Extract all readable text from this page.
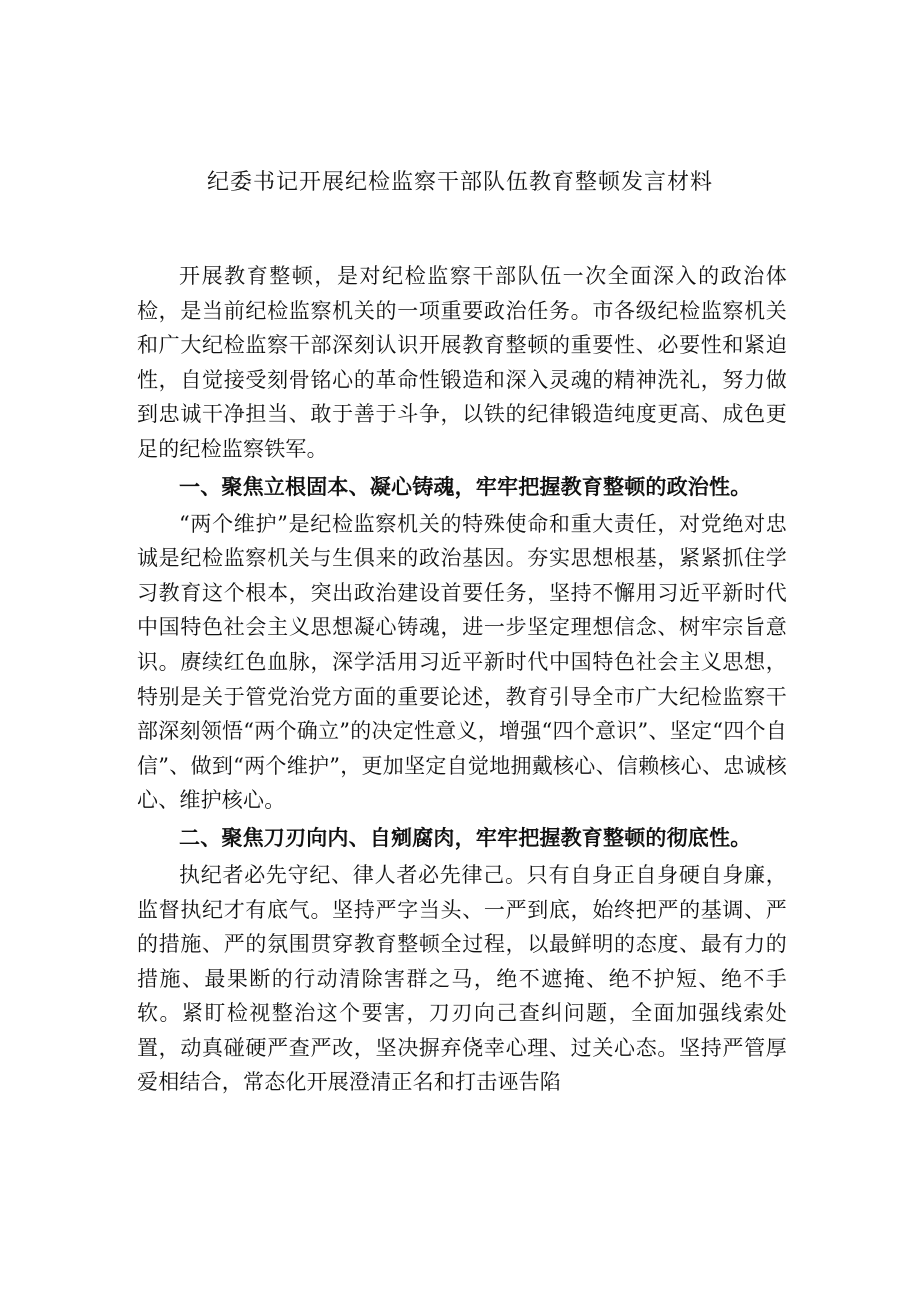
纪委书记开展纪检监察干部队伍教育整顿发言材料

开展教育整顿，是对纪检监察干部队伍一次全面深入的政治体检，是当前纪检监察机关的一项重要政治任务。市各级纪检监察机关和广大纪检监察干部深刻认识开展教育整顿的重要性、必要性和紧迫性，自觉接受刻骨铭心的革命性锻造和深入灵魂的精神洗礼，努力做到忠诚干净担当、敢于善于斗争，以铁的纪律锻造纯度更高、成色更足的纪检监察铁军。

一、聚焦立根固本、凝心铸魂，牢牢把握教育整顿的政治性。

“两个维护”是纪检监察机关的特殊使命和重大责任，对党绝对忠诚是纪检监察机关与生俱来的政治基因。夯实思想根基，紧紧抓住学习教育这个根本，突出政治建设首要任务，坚持不懈用习近平新时代中国特色社会主义思想凝心铸魂，进一步坚定理想信念、树牢宗旨意识。赓续红色血脉，深学活用习近平新时代中国特色社会主义思想，特别是关于管党治党方面的重要论述，教育引导全市广大纪检监察干部深刻领悟“两个确立”的决定性意义，增强“四个意识”、坚定“四个自信”、做到“两个维护”，更加坚定自觉地拥戴核心、信赖核心、忠诚核心、维护核心。

二、聚焦刀刃向内、自剜腐肉，牢牢把握教育整顿的彻底性。

执纪者必先守纪、律人者必先律己。只有自身正自身硬自身廉，监督执纪才有底气。坚持严字当头、一严到底，始终把严的基调、严的措施、严的氛围贯穿教育整顿全过程，以最鲜明的态度、最有力的措施、最果断的行动清除害群之马，绝不遮掩、绝不护短、绝不手软。紧盯检视整治这个要害，刀刃向己查纠问题，全面加强线索处置，动真碰硬严查严改，坚决摒弃侥幸心理、过关心态。坚持严管厚爱相结合，常态化开展澄清正名和打击诬告陷
